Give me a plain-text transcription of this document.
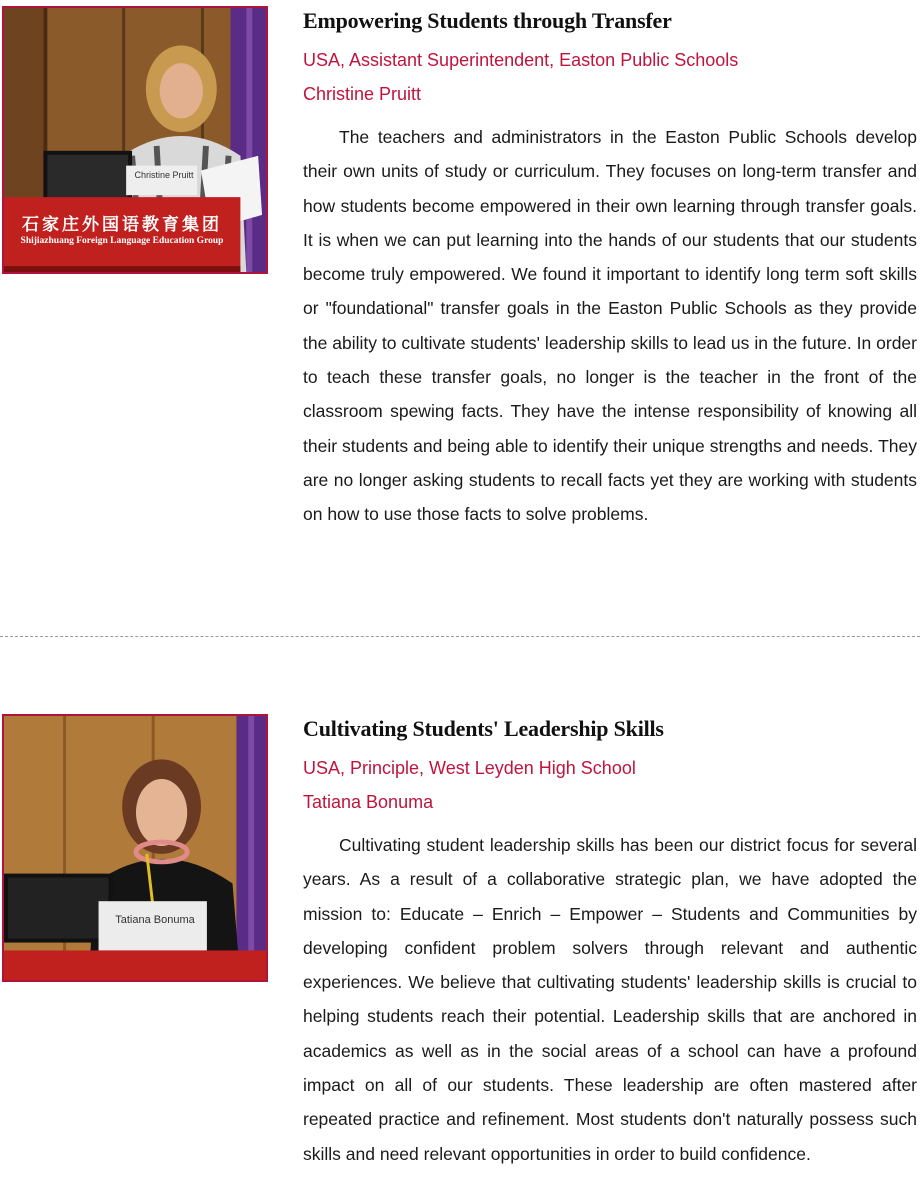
Christine Pruitt
石家庄外国语教育集团
Shijiazhuang Foreign Language Education Group
Empowering Students through Transfer
USA, Assistant Superintendent, Easton Public Schools
Christine Pruitt

The teachers and administrators in the Easton Public Schools develop their own units of study or curriculum. They focuses on long-term transfer and how students become empowered in their own learning through transfer goals. It is when we can put learning into the hands of our students that our students become truly empowered. We found it important to identify long term soft skills or "foundational" transfer goals in the Easton Public Schools as they provide the ability to cultivate students' leadership skills to lead us in the future. In order to teach these transfer goals, no longer is the teacher in the front of the classroom spewing facts. They have the intense responsibility of knowing all their students and being able to identify their unique strengths and needs. They are no longer asking students to recall facts yet they are working with students on how to use those facts to solve problems.

Tatiana Bonuma
Cultivating Students' Leadership Skills
USA, Principle, West Leyden High School
Tatiana Bonuma

Cultivating student leadership skills has been our district focus for several years. As a result of a collaborative strategic plan, we have adopted the mission to: Educate – Enrich – Empower – Students and Communities by developing confident problem solvers through relevant and authentic experiences. We believe that cultivating students' leadership skills is crucial to helping students reach their potential. Leadership skills that are anchored in academics as well as in the social areas of a school can have a profound impact on all of our students. These leadership are often mastered after repeated practice and refinement. Most students don't naturally possess such skills and need relevant opportunities in order to build confidence.
